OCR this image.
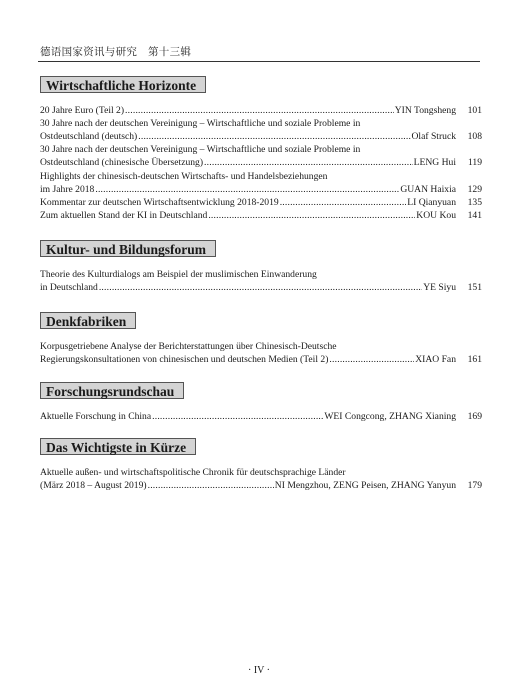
德语国家资讯与研究　第十三辑
Wirtschaftliche Horizonte
20 Jahre Euro (Teil 2) .....	YIN Tongsheng	101
30 Jahre nach der deutschen Vereinigung – Wirtschaftliche und soziale Probleme in
Ostdeutschland (deutsch) .....	Olaf Struck	108
30 Jahre nach der deutschen Vereinigung – Wirtschaftliche und soziale Probleme in
Ostdeutschland (chinesische Übersetzung) .....	LENG Hui	119
Highlights der chinesisch-deutschen Wirtschafts- und Handelsbeziehungen
im Jahre 2018 .....	GUAN Haixia	129
Kommentar zur deutschen Wirtschaftsentwicklung 2018-2019 .....	LI Qianyuan	135
Zum aktuellen Stand der KI in Deutschland .....	KOU Kou	141
Kultur- und Bildungsforum
Theorie des Kulturdialogs am Beispiel der muslimischen Einwanderung
in Deutschland .....	YE Siyu	151
Denkfabriken
Korpusgetriebene Analyse der Berichterstattungen über Chinesisch-Deutsche
Regierungskonsultationen von chinesischen und deutschen Medien (Teil 2) .....	XIAO Fan	161
Forschungsrundschau
Aktuelle Forschung in China .....	WEI Congcong, ZHANG Xianing	169
Das Wichtigste in Kürze
Aktuelle außen- und wirtschaftspolitische Chronik für deutschsprachige Länder
(März 2018 – August 2019) .....	NI Mengzhou, ZENG Peisen, ZHANG Yanyun	179
· IV ·
